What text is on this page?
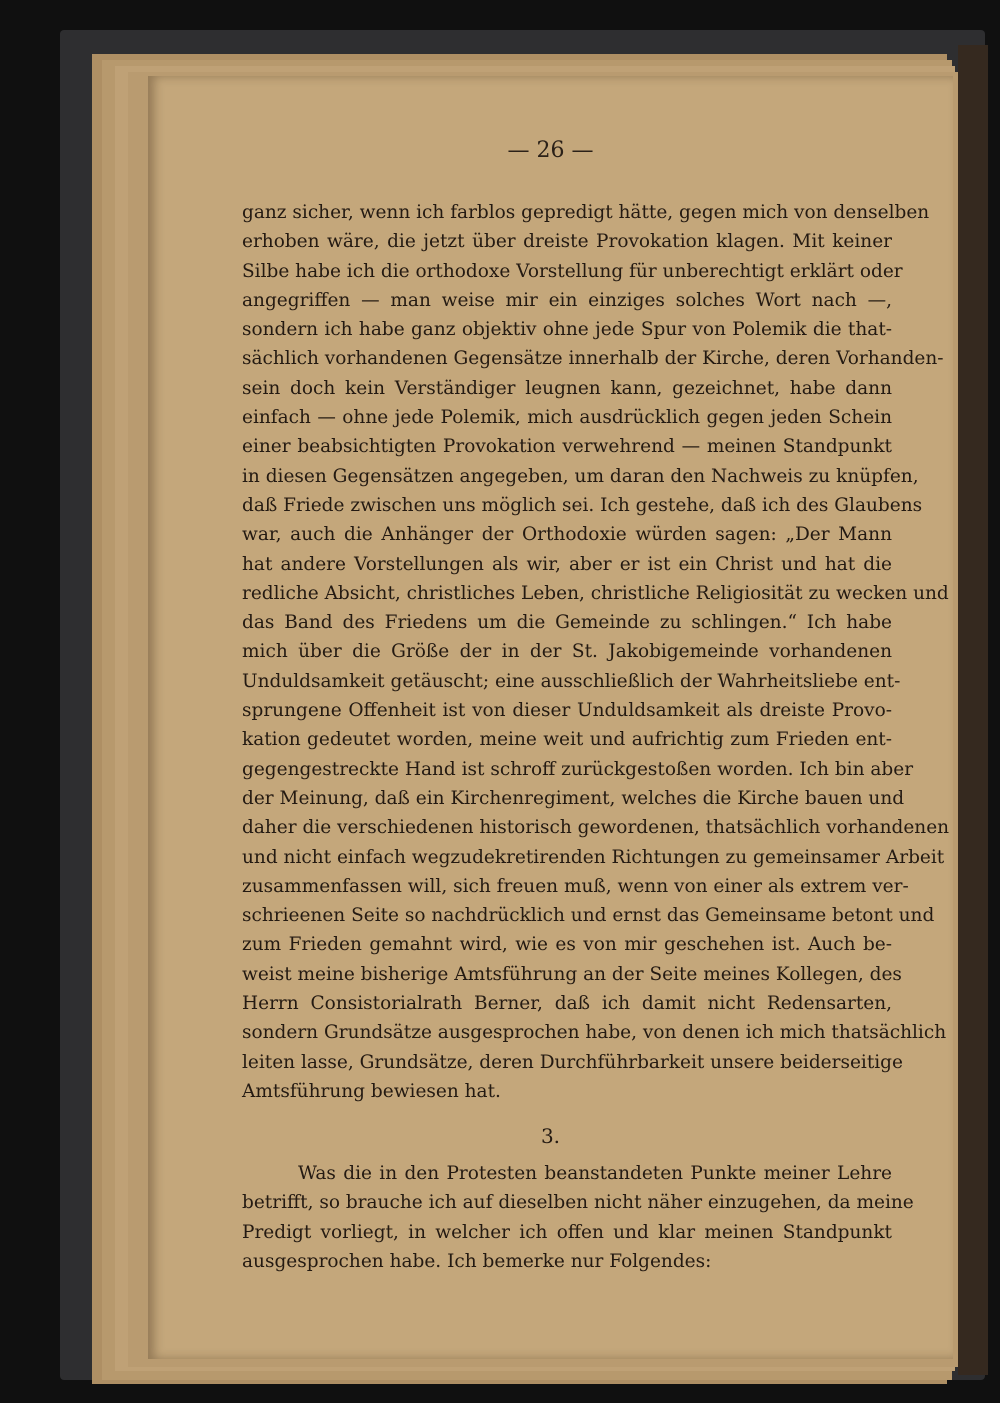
— 26 —
ganz sicher, wenn ich farblos gepredigt hätte, gegen mich von denselben
erhoben wäre, die jetzt über dreiste Provokation klagen. Mit keiner
Silbe habe ich die orthodoxe Vorstellung für unberechtigt erklärt oder
angegriffen — man weise mir ein einziges solches Wort nach —,
sondern ich habe ganz objektiv ohne jede Spur von Polemik die that-
sächlich vorhandenen Gegensätze innerhalb der Kirche, deren Vorhanden-
sein doch kein Verständiger leugnen kann, gezeichnet, habe dann
einfach — ohne jede Polemik, mich ausdrücklich gegen jeden Schein
einer beabsichtigten Provokation verwehrend — meinen Standpunkt
in diesen Gegensätzen angegeben, um daran den Nachweis zu knüpfen,
daß Friede zwischen uns möglich sei. Ich gestehe, daß ich des Glaubens
war, auch die Anhänger der Orthodoxie würden sagen: „Der Mann
hat andere Vorstellungen als wir, aber er ist ein Christ und hat die
redliche Absicht, christliches Leben, christliche Religiosität zu wecken und
das Band des Friedens um die Gemeinde zu schlingen.“ Ich habe
mich über die Größe der in der St. Jakobigemeinde vorhandenen
Unduldsamkeit getäuscht; eine ausschließlich der Wahrheitsliebe ent-
sprungene Offenheit ist von dieser Unduldsamkeit als dreiste Provo-
kation gedeutet worden, meine weit und aufrichtig zum Frieden ent-
gegengestreckte Hand ist schroff zurückgestoßen worden. Ich bin aber
der Meinung, daß ein Kirchenregiment, welches die Kirche bauen und
daher die verschiedenen historisch gewordenen, thatsächlich vorhandenen
und nicht einfach wegzudekretirenden Richtungen zu gemeinsamer Arbeit
zusammenfassen will, sich freuen muß, wenn von einer als extrem ver-
schrieenen Seite so nachdrücklich und ernst das Gemeinsame betont und
zum Frieden gemahnt wird, wie es von mir geschehen ist. Auch be-
weist meine bisherige Amtsführung an der Seite meines Kollegen, des
Herrn Consistorialrath Berner, daß ich damit nicht Redensarten,
sondern Grundsätze ausgesprochen habe, von denen ich mich thatsächlich
leiten lasse, Grundsätze, deren Durchführbarkeit unsere beiderseitige
Amtsführung bewiesen hat.
3.
Was die in den Protesten beanstandeten Punkte meiner Lehre
betrifft, so brauche ich auf dieselben nicht näher einzugehen, da meine
Predigt vorliegt, in welcher ich offen und klar meinen Standpunkt
ausgesprochen habe. Ich bemerke nur Folgendes:
